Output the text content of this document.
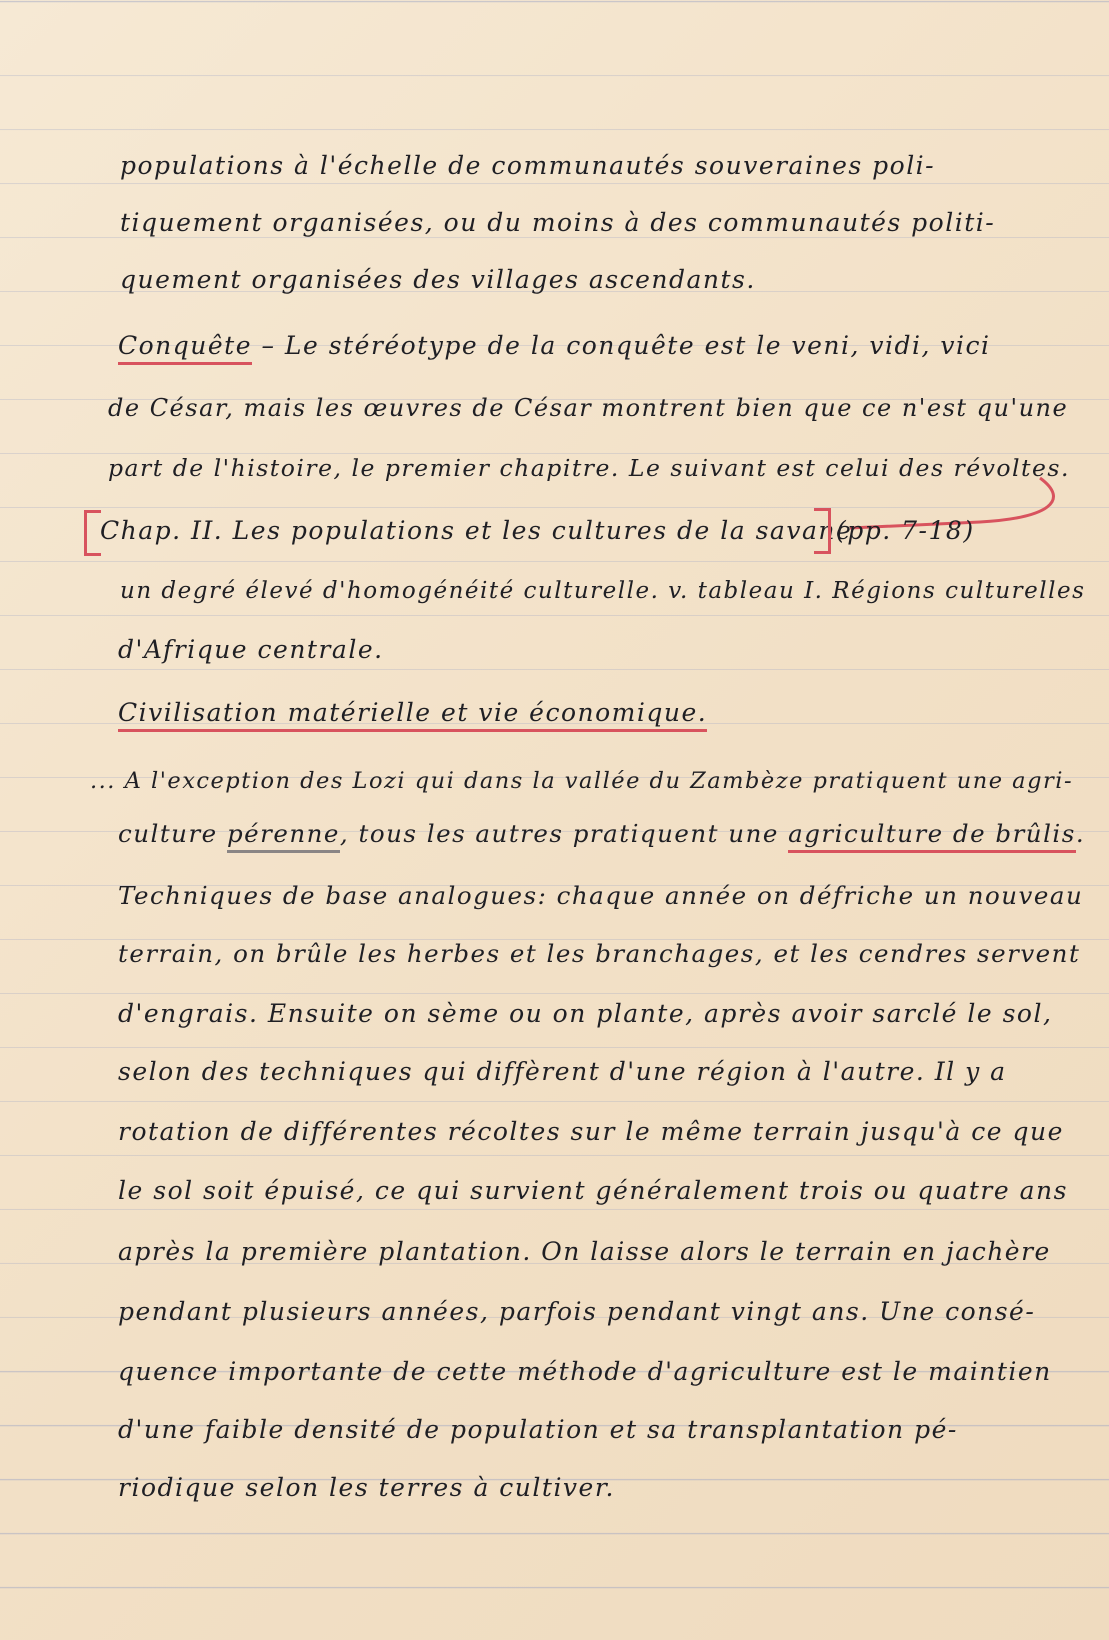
populations à l'échelle de communautés souveraines poli-
tiquement organisées, ou du moins à des communautés politi-
quement organisées des villages ascendants.
Conquête – Le stéréotype de la conquête est le veni, vidi, vici
de César, mais les œuvres de César montrent bien que ce n'est qu'une
part de l'histoire, le premier chapitre. Le suivant est celui des révoltes.
Chap. II. Les populations et les cultures de la savane
(pp. 7-18)
un degré élevé d'homogénéité culturelle. v. tableau I. Régions culturelles
d'Afrique centrale.
Civilisation matérielle et vie économique.
... A l'exception des Lozi qui dans la vallée du Zambèze pratiquent une agri-
culture pérenne, tous les autres pratiquent une agriculture de brûlis.
Techniques de base analogues: chaque année on défriche un nouveau
terrain, on brûle les herbes et les branchages, et les cendres servent
d'engrais. Ensuite on sème ou on plante, après avoir sarclé le sol,
selon des techniques qui diffèrent d'une région à l'autre. Il y a
rotation de différentes récoltes sur le même terrain jusqu'à ce que
le sol soit épuisé, ce qui survient généralement trois ou quatre ans
après la première plantation. On laisse alors le terrain en jachère
pendant plusieurs années, parfois pendant vingt ans. Une consé-
quence importante de cette méthode d'agriculture est le maintien
d'une faible densité de population et sa transplantation pé-
riodique selon les terres à cultiver.
